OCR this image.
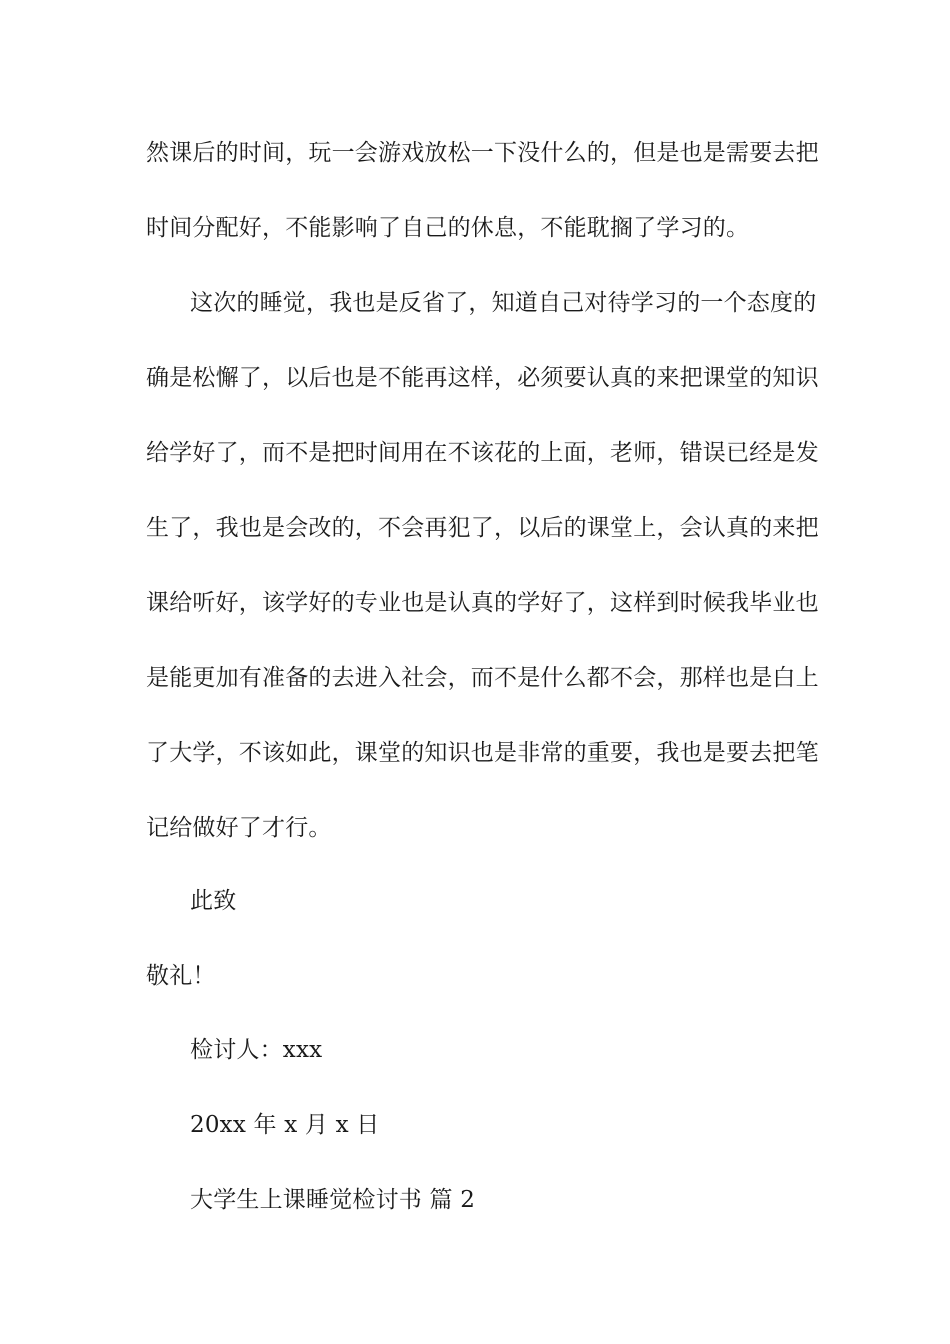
然课后的时间，玩一会游戏放松一下没什么的，但是也是需要去把
时间分配好，不能影响了自己的休息，不能耽搁了学习的。
这次的睡觉，我也是反省了，知道自己对待学习的一个态度的
确是松懈了，以后也是不能再这样，必须要认真的来把课堂的知识
给学好了，而不是把时间用在不该花的上面，老师，错误已经是发
生了，我也是会改的，不会再犯了，以后的课堂上，会认真的来把
课给听好，该学好的专业也是认真的学好了，这样到时候我毕业也
是能更加有准备的去进入社会，而不是什么都不会，那样也是白上
了大学，不该如此，课堂的知识也是非常的重要，我也是要去把笔
记给做好了才行。
此致
敬礼！
检讨人：xxx
20xx 年 x 月 x 日
大学生上课睡觉检讨书 篇 2
